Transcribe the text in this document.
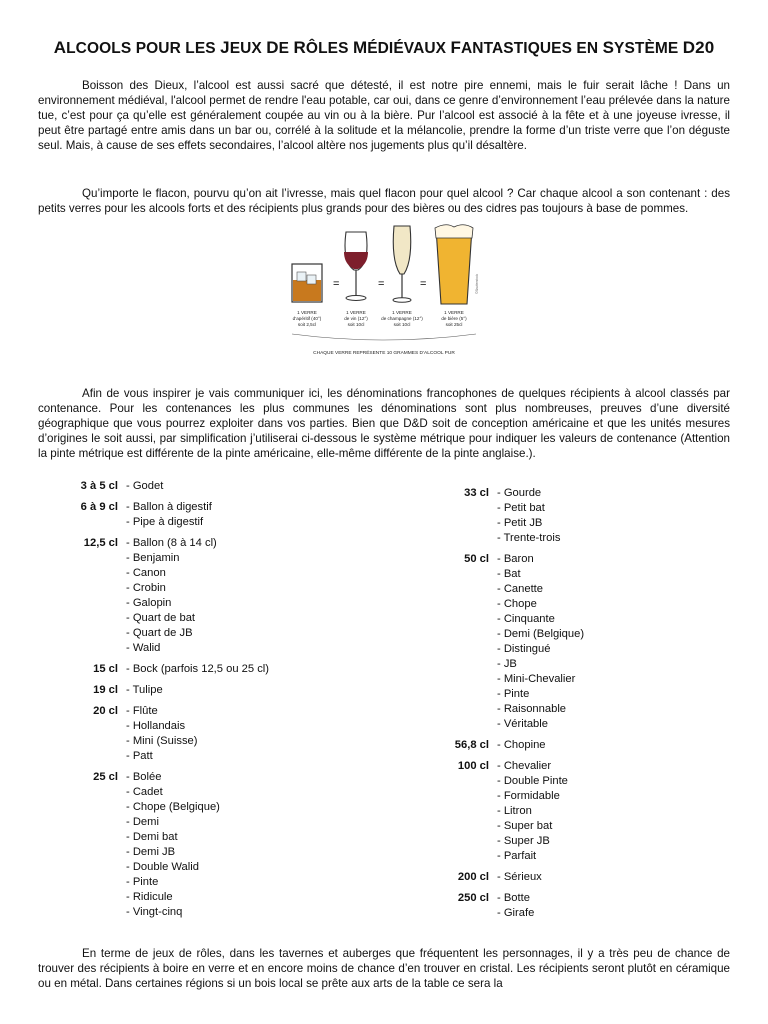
ALCOOLS POUR LES JEUX DE RÔLES MÉDIÉVAUX FANTASTIQUES EN SYSTÈME D20

Boisson des Dieux, l’alcool est aussi sacré que détesté, il est notre pire ennemi, mais le fuir serait lâche ! Dans un environnement médiéval, l'alcool permet de rendre l'eau potable, car oui, dans ce genre d’environnement l’eau prélevée dans la nature tue, c’est pour ça qu’elle est généralement coupée au vin ou à la bière. Pur l’alcool est associé à la fête et à une joyeuse ivresse, il peut être partagé entre amis dans un bar ou, corrélé à la solitude et la mélancolie, prendre la forme d’un triste verre que l’on déguste seul. Mais, à cause de ses effets secondaires, l’alcool altère nos jugements plus qu’il désaltère.

Qu’importe le flacon, pourvu qu’on ait l’ivresse, mais quel flacon pour quel alcool ? Car chaque alcool a son contenant : des petits verres pour les alcools forts et des récipients plus grands pour des bières ou des cidres pas toujours à base de pommes.

=	=	=	©Shutterstock
1 VERRE
d’apéritif (40°)
soit 2,5cl
1 VERRE
de vin (12°)
soit 10cl
1 VERRE
de champagne (12°)
soit 10cl
1 VERRE
de bière (5°)
soit 25cl
CHAQUE VERRE REPRÉSENTE 10 GRAMMES D’ALCOOL PUR

Afin de vous inspirer je vais communiquer ici, les dénominations francophones de quelques récipients à alcool classés par contenance. Pour les contenances les plus communes les dénominations sont plus nombreuses, preuves d’une diversité géographique que vous pourrez exploiter dans vos parties. Bien que D&D soit de conception américaine et que les unités mesures d’origines le soit aussi, par simplification j’utiliserai ci-dessous le système métrique pour indiquer les valeurs de contenance (Attention la pinte métrique est différente de la pinte américaine, elle-même différente de la pinte anglaise.).

3 à 5 cl - Godet
6 à 9 cl - Ballon à digestif
- Pipe à digestif
12,5 cl - Ballon (8 à 14 cl)
- Benjamin
- Canon
- Crobin
- Galopin
- Quart de bat
- Quart de JB
- Walid
15 cl - Bock (parfois 12,5 ou 25 cl)
19 cl - Tulipe
20 cl - Flûte
- Hollandais
- Mini (Suisse)
- Patt
25 cl - Bolée
- Cadet
- Chope (Belgique)
- Demi
- Demi bat
- Demi JB
- Double Walid
- Pinte
- Ridicule
- Vingt-cinq
33 cl - Gourde
- Petit bat
- Petit JB
- Trente-trois
50 cl - Baron
- Bat
- Canette
- Chope
- Cinquante
- Demi (Belgique)
- Distingué
- JB
- Mini-Chevalier
- Pinte
- Raisonnable
- Véritable
56,8 cl - Chopine
100 cl - Chevalier
- Double Pinte
- Formidable
- Litron
- Super bat
- Super JB
- Parfait
200 cl - Sérieux
250 cl - Botte
- Girafe

En terme de jeux de rôles, dans les tavernes et auberges que fréquentent les personnages, il y a très peu de chance de trouver des récipients à boire en verre et en encore moins de chance d’en trouver en cristal. Les récipients seront plutôt en céramique ou en métal. Dans certaines régions si un bois local se prête aux arts de la table ce sera la
